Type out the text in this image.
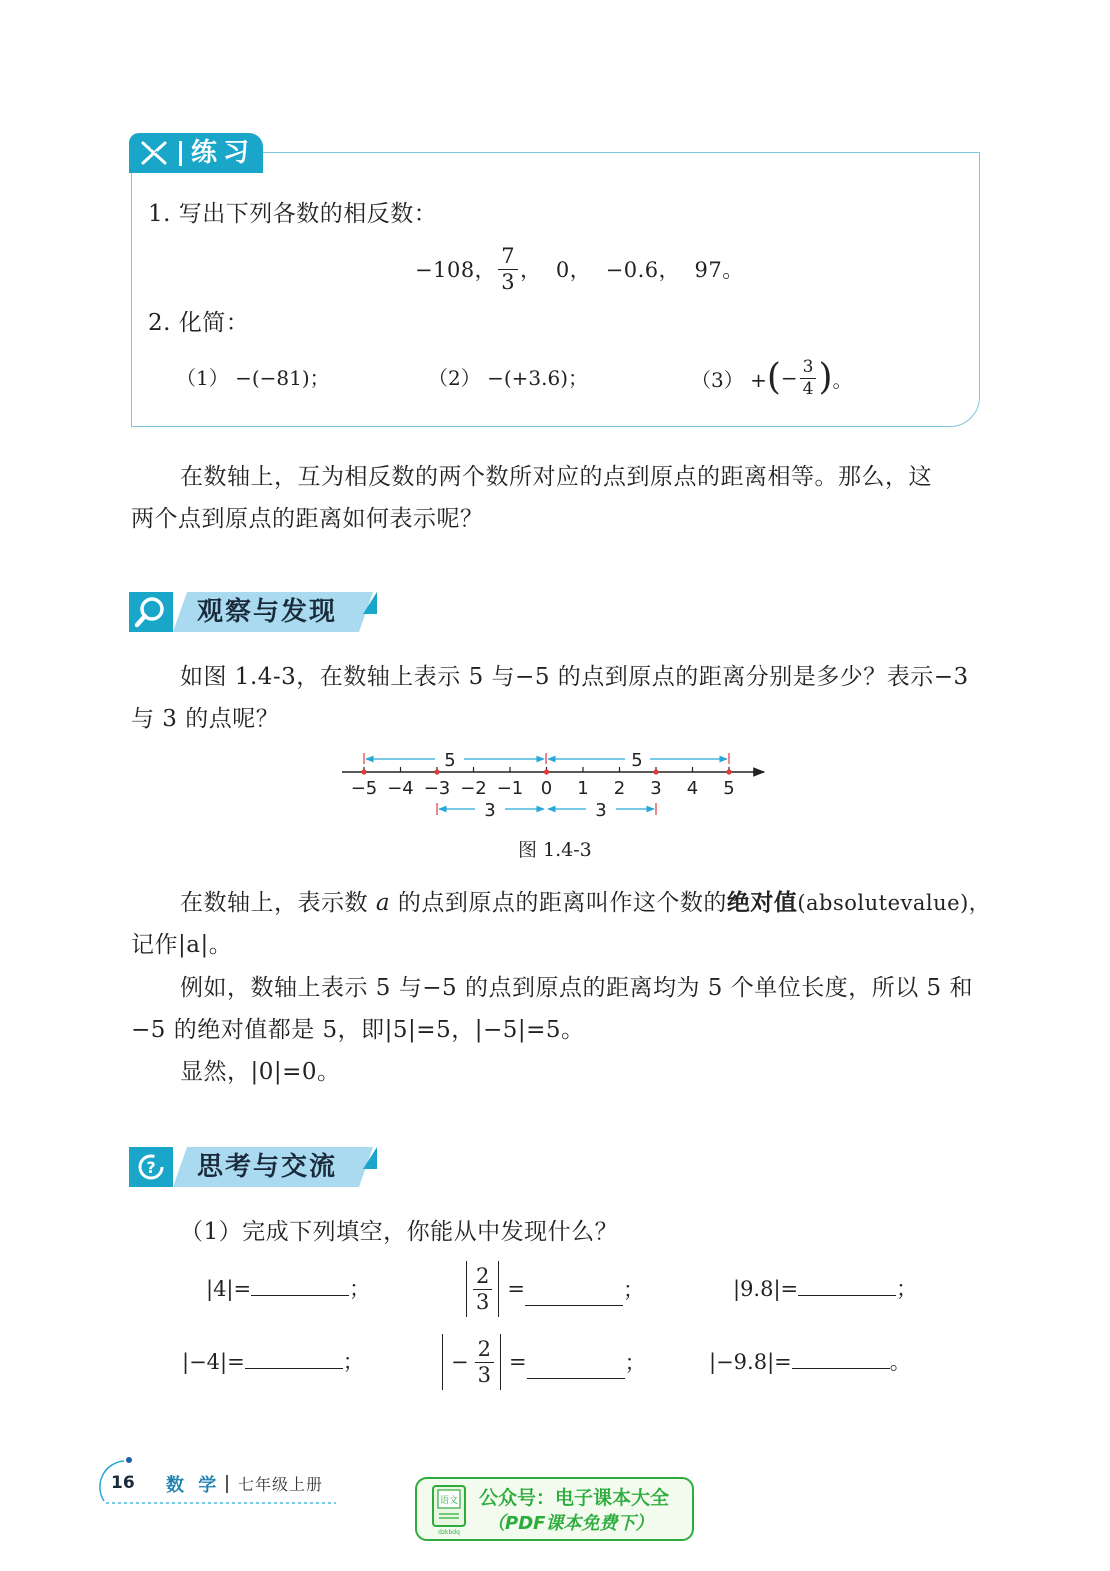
练习
1. 写出下列各数的相反数：
−108， $\frac{7}{3}$ ，  0，  −0.6，  97。
2. 化简：
（1） −(−81)；	（2） −(+3.6)；	（3） + ( − $\frac{3}{4}$ ) 。
在数轴上，互为相反数的两个数所对应的点到原点的距离相等。那么，这
两个点到原点的距离如何表示呢？
观察与发现
如图 1.4-3，在数轴上表示 5 与−5 的点到原点的距离分别是多少？表示−3
与 3 的点呢？
−5 −4 −3 −2 −1 0 1 2 3 4 5
5	5
3	3
图 1.4-3
在数轴上，表示数 a 的点到原点的距离叫作这个数的绝对值(absolutevalue)，
记作|a|。
例如，数轴上表示 5 与−5 的点到原点的距离均为 5 个单位长度，所以 5 和
−5 的绝对值都是 5，即|5|=5，|−5|=5。
显然，|0|=0。
? 思考与交流
（1）完成下列填空，你能从中发现什么？
|4|=	；	$\frac{2}{3}$ =	；	|9.8|=	；
|−4|=	；	− $\frac{2}{3}$ =	；	|−9.8|=	。
16 数 学 七年级上册
语文
dzkbdq
公众号：电子课本大全
（PDF课本免费下）
